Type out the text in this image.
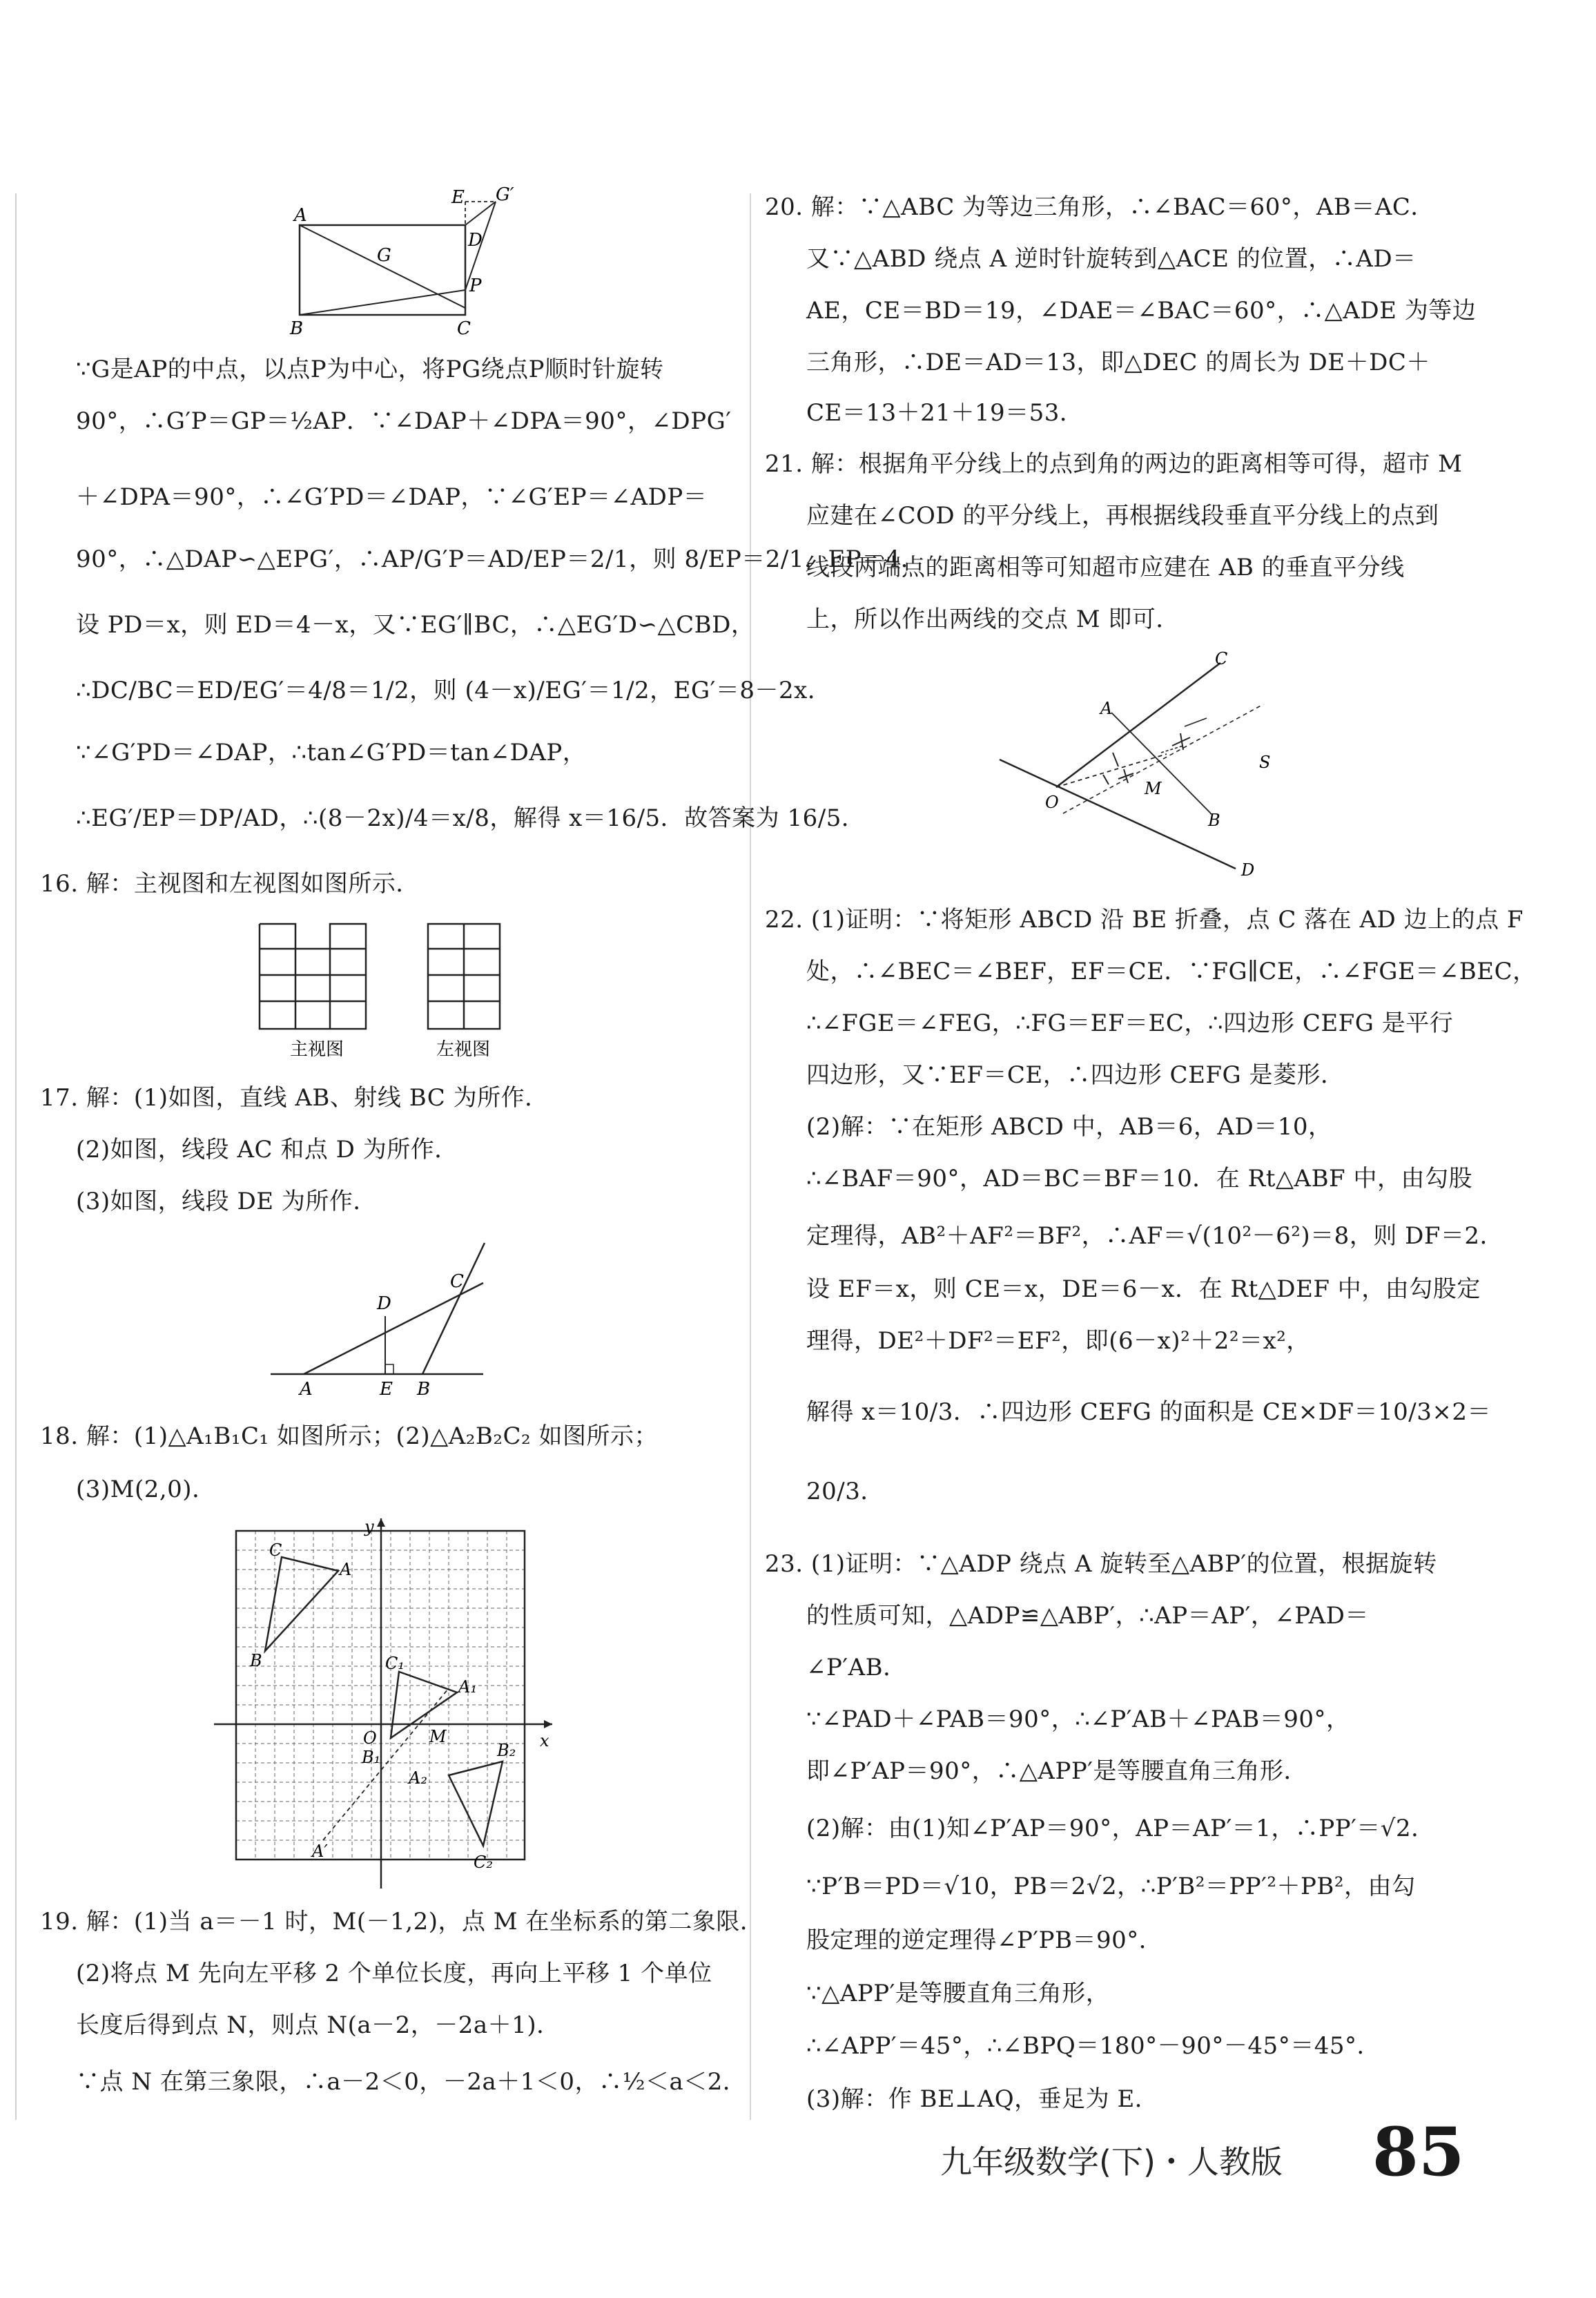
A
E G′
G
D
P
B	C
∵G是AP的中点，以点P为中心，将PG绕点P顺时针旋转
90°，∴G′P＝GP＝½AP．∵∠DAP＋∠DPA＝90°，∠DPG′
＋∠DPA＝90°，∴∠G′PD＝∠DAP，∵∠G′EP＝∠ADP＝
90°，∴△DAP∽△EPG′，∴AP/G′P＝AD/EP＝2/1，则 8/EP＝2/1，EP＝4．
设 PD＝x，则 ED＝4－x，又∵EG′∥BC，∴△EG′D∽△CBD，
∴DC/BC＝ED/EG′＝4/8＝1/2，则 (4－x)/EG′＝1/2，EG′＝8－2x．
∵∠G′PD＝∠DAP，∴tan∠G′PD＝tan∠DAP，
∴EG′/EP＝DP/AD，∴(8－2x)/4＝x/8，解得 x＝16/5．故答案为 16/5．
16. 解：主视图和左视图如图所示．
主视图	左视图
17. 解：(1)如图，直线 AB、射线 BC 为所作．
(2)如图，线段 AC 和点 D 为所作．
(3)如图，线段 DE 为所作．
A
D
E B
C
18. 解：(1)△A₁B₁C₁ 如图所示；(2)△A₂B₂C₂ 如图所示；
(3)M(2,0)．
y
x
O
C
A
B	C₁
A₁
B₁
M
B₂
A₂
C₂
A′
19. 解：(1)当 a＝－1 时，M(－1,2)，点 M 在坐标系的第二象限．
(2)将点 M 先向左平移 2 个单位长度，再向上平移 1 个单位
长度后得到点 N，则点 N(a－2，－2a＋1)．
∵点 N 在第三象限，∴a－2＜0，－2a＋1＜0，∴½＜a＜2．
20. 解：∵△ABC 为等边三角形，∴∠BAC＝60°，AB＝AC．
又∵△ABD 绕点 A 逆时针旋转到△ACE 的位置，∴AD＝
AE，CE＝BD＝19，∠DAE＝∠BAC＝60°，∴△ADE 为等边
三角形，∴DE＝AD＝13，即△DEC 的周长为 DE＋DC＋
CE＝13＋21＋19＝53．
21. 解：根据角平分线上的点到角的两边的距离相等可得，超市 M
应建在∠COD 的平分线上，再根据线段垂直平分线上的点到
线段两端点的距离相等可知超市应建在 AB 的垂直平分线
上，所以作出两线的交点 M 即可．
C
A
S
O
M
B
D
22. (1)证明：∵将矩形 ABCD 沿 BE 折叠，点 C 落在 AD 边上的点 F
处，∴∠BEC＝∠BEF，EF＝CE．∵FG∥CE，∴∠FGE＝∠BEC，
∴∠FGE＝∠FEG，∴FG＝EF＝EC，∴四边形 CEFG 是平行
四边形，又∵EF＝CE，∴四边形 CEFG 是菱形．
(2)解：∵在矩形 ABCD 中，AB＝6，AD＝10，
∴∠BAF＝90°，AD＝BC＝BF＝10．在 Rt△ABF 中，由勾股
定理得，AB²＋AF²＝BF²，∴AF＝√(10²－6²)＝8，则 DF＝2．
设 EF＝x，则 CE＝x，DE＝6－x．在 Rt△DEF 中，由勾股定
理得，DE²＋DF²＝EF²，即(6－x)²＋2²＝x²，
解得 x＝10/3．∴四边形 CEFG 的面积是 CE×DF＝10/3×2＝
20/3．
23. (1)证明：∵△ADP 绕点 A 旋转至△ABP′的位置，根据旋转
的性质可知，△ADP≌△ABP′，∴AP＝AP′，∠PAD＝
∠P′AB．
∵∠PAD＋∠PAB＝90°，∴∠P′AB＋∠PAB＝90°，
即∠P′AP＝90°，∴△APP′是等腰直角三角形．
(2)解：由(1)知∠P′AP＝90°，AP＝AP′＝1，∴PP′＝√2．
∵P′B＝PD＝√10，PB＝2√2，∴P′B²＝PP′²＋PB²，由勾
股定理的逆定理得∠P′PB＝90°．
∵△APP′是等腰直角三角形，
∴∠APP′＝45°，∴∠BPQ＝180°－90°－45°＝45°．
(3)解：作 BE⊥AQ，垂足为 E．
九年级数学(下)・人教版 85
